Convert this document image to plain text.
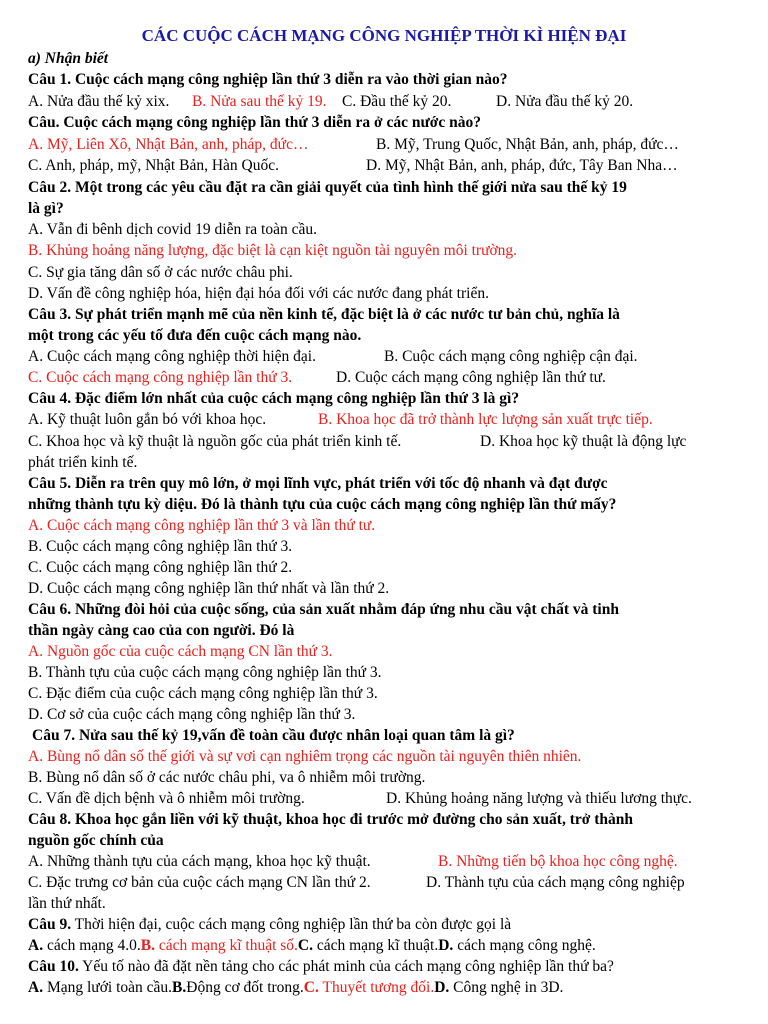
CÁC CUỘC CÁCH MẠNG CÔNG NGHIỆP THỜI KÌ HIỆN ĐẠI
a) Nhận biết
Câu 1. Cuộc cách mạng công nghiệp lần thứ 3 diễn ra vào thời gian nào?
A. Nửa đầu thế kỷ xix. B. Nửa sau thế kỷ 19. C. Đầu thế kỷ 20.	D. Nửa đầu thế kỷ 20.
Câu. Cuộc cách mạng công nghiệp lần thứ 3 diễn ra ở các nước nào?
A. Mỹ, Liên Xô, Nhật Bản, anh, pháp, đức…	B. Mỹ, Trung Quốc, Nhật Bản, anh, pháp, đức…
C. Anh, pháp, mỹ, Nhật Bản, Hàn Quốc.	D. Mỹ, Nhật Bản, anh, pháp, đức, Tây Ban Nha…
Câu 2. Một trong các yêu cầu đặt ra cần giải quyết của tình hình thế giới nửa sau thế kỷ 19
là gì?
A. Vẫn đi bênh dịch covid 19 diễn ra toàn cầu.
B. Khủng hoảng năng lượng, đặc biệt là cạn kiệt nguồn tài nguyên môi trường.
C. Sự gia tăng dân số ở các nước châu phi.
D. Vấn đề công nghiệp hóa, hiện đại hóa đối với các nước đang phát triển.
Câu 3. Sự phát triển mạnh mẽ của nền kinh tế, đặc biệt là ở các nước tư bản chủ, nghĩa là
một trong các yếu tố đưa đến cuộc cách mạng nào.
A. Cuộc cách mạng công nghiệp thời hiện đại.	B. Cuộc cách mạng công nghiệp cận đại.
C. Cuộc cách mạng công nghiệp lần thứ 3.	D. Cuộc cách mạng công nghiệp lần thứ tư.
Câu 4. Đặc điểm lớn nhất của cuộc cách mạng công nghiệp lần thứ 3 là gì?
A. Kỹ thuật luôn gắn bó với khoa học.	B. Khoa học đã trở thành lực lượng sản xuất trực tiếp.
C. Khoa học và kỹ thuật là nguồn gốc của phát triển kinh tế.	D. Khoa học kỹ thuật là động lực
phát triển kinh tế.
Câu 5. Diễn ra trên quy mô lớn, ở mọi lĩnh vực, phát triển với tốc độ nhanh và đạt được
những thành tựu kỳ diệu. Đó là thành tựu của cuộc cách mạng công nghiệp lần thứ mấy?
A. Cuộc cách mạng công nghiệp lần thứ 3 và lần thứ tư.
B. Cuộc cách mạng công nghiệp lần thứ 3.
C. Cuộc cách mạng công nghiệp lần thứ 2.
D. Cuộc cách mạng công nghiệp lần thứ nhất và lần thứ 2.
Câu 6. Những đòi hỏi của cuộc sống, của sản xuất nhằm đáp ứng nhu cầu vật chất và tinh
thần ngày càng cao của con người. Đó là
A. Nguồn gốc của cuộc cách mạng CN lần thứ 3.
B. Thành tựu của cuộc cách mạng công nghiệp lần thứ 3.
C. Đặc điểm của cuộc cách mạng công nghiệp lần thứ 3.
D. Cơ sở của cuộc cách mạng công nghiệp lần thứ 3.
Câu 7. Nửa sau thế kỷ 19,vấn đề toàn cầu được nhân loại quan tâm là gì?
A. Bùng nổ dân số thế giới và sự vơi cạn nghiêm trọng các nguồn tài nguyên thiên nhiên.
B. Bùng nổ dân số ở các nước châu phi, va ô nhiễm môi trường.
C. Vấn đề dịch bệnh và ô nhiễm môi trường.	D. Khủng hoảng năng lượng và thiếu lương thực.
Câu 8. Khoa học gắn liền với kỹ thuật, khoa học đi trước mở đường cho sản xuất, trở thành
nguồn gốc chính của
A. Những thành tựu của cách mạng, khoa học kỹ thuật.	B. Những tiến bộ khoa học công nghệ.
C. Đặc trưng cơ bản của cuộc cách mạng CN lần thứ 2.	D. Thành tựu của cách mạng công nghiệp
lần thứ nhất.
Câu 9. Thời hiện đại, cuộc cách mạng công nghiệp lần thứ ba còn được gọi là
A. cách mạng 4.0.B. cách mạng kĩ thuật số.C. cách mạng kĩ thuật.D. cách mạng công nghệ.
Câu 10. Yếu tố nào đã đặt nền tảng cho các phát minh của cách mạng công nghiệp lần thứ ba?
A. Mạng lưới toàn cầu.B.Động cơ đốt trong.C. Thuyết tương đối.D. Công nghệ in 3D.
